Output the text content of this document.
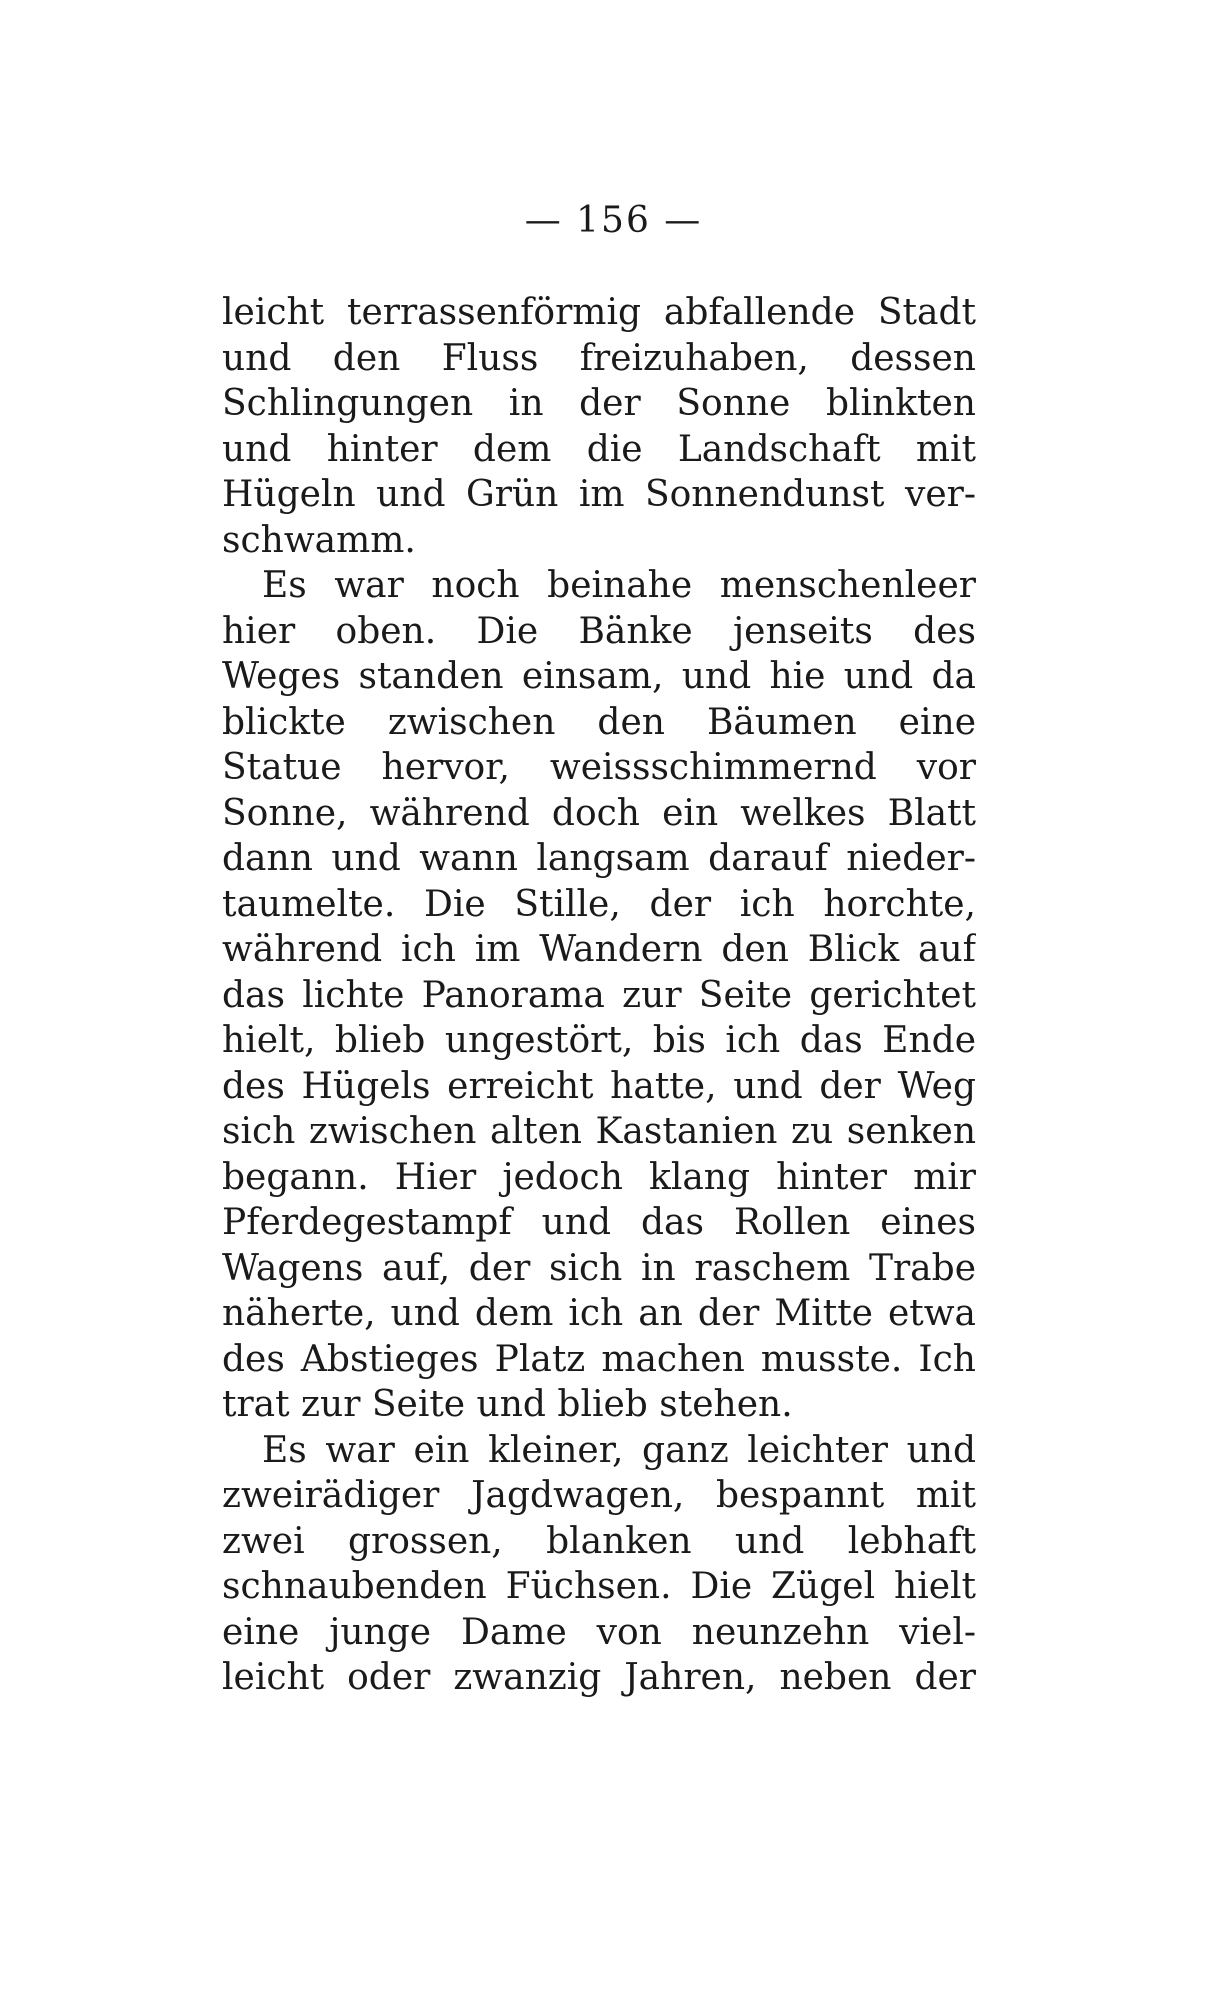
— 156 —
leicht terrassenförmig abfallende Stadt
und den Fluss freizuhaben, dessen
Schlingungen in der Sonne blinkten
und hinter dem die Landschaft mit
Hügeln und Grün im Sonnendunst ver-
schwamm.
Es war noch beinahe menschenleer
hier oben. Die Bänke jenseits des
Weges standen einsam, und hie und da
blickte zwischen den Bäumen eine
Statue hervor, weissschimmernd vor
Sonne, während doch ein welkes Blatt
dann und wann langsam darauf nieder-
taumelte. Die Stille, der ich horchte,
während ich im Wandern den Blick auf
das lichte Panorama zur Seite gerichtet
hielt, blieb ungestört, bis ich das Ende
des Hügels erreicht hatte, und der Weg
sich zwischen alten Kastanien zu senken
begann. Hier jedoch klang hinter mir
Pferdegestampf und das Rollen eines
Wagens auf, der sich in raschem Trabe
näherte, und dem ich an der Mitte etwa
des Abstieges Platz machen musste. Ich
trat zur Seite und blieb stehen.
Es war ein kleiner, ganz leichter und
zweirädiger Jagdwagen, bespannt mit
zwei grossen, blanken und lebhaft
schnaubenden Füchsen. Die Zügel hielt
eine junge Dame von neunzehn viel-
leicht oder zwanzig Jahren, neben der
